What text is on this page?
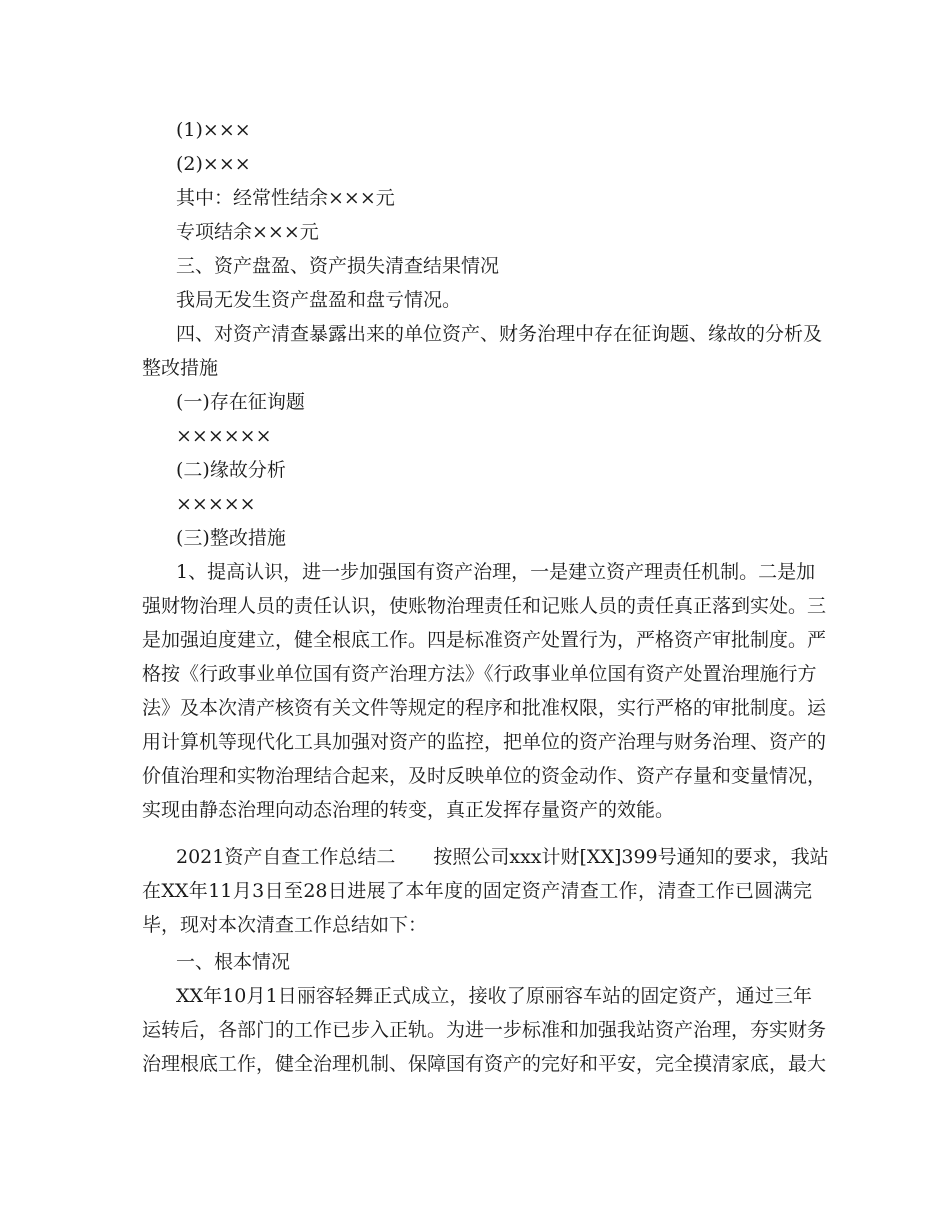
(1)×××
(2)×××
其中：经常性结余×××元
专项结余×××元
三、资产盘盈、资产损失清查结果情况
我局无发生资产盘盈和盘亏情况。
四、对资产清查暴露出来的单位资产、财务治理中存在征询题、缘故的分析及
整改措施
(一)存在征询题
××××××
(二)缘故分析
×××××
(三)整改措施
1、提高认识，进一步加强国有资产治理，一是建立资产理责任机制。二是加
强财物治理人员的责任认识，使账物治理责任和记账人员的责任真正落到实处。三
是加强迫度建立，健全根底工作。四是标准资产处置行为，严格资产审批制度。严
格按《行政事业单位国有资产治理方法》《行政事业单位国有资产处置治理施行方
法》及本次清产核资有关文件等规定的程序和批准权限，实行严格的审批制度。运
用计算机等现代化工具加强对资产的监控，把单位的资产治理与财务治理、资产的
价值治理和实物治理结合起来，及时反映单位的资金动作、资产存量和变量情况，
实现由静态治理向动态治理的转变，真正发挥存量资产的效能。
2021资产自查工作总结二　　按照公司xxx计财[XX]399号通知的要求，我站
在XX年11月3日至28日进展了本年度的固定资产清查工作，清查工作已圆满完
毕，现对本次清查工作总结如下：
一、根本情况
XX年10月1日丽容轻舞正式成立，接收了原丽容车站的固定资产，通过三年
运转后，各部门的工作已步入正轨。为进一步标准和加强我站资产治理，夯实财务
治理根底工作，健全治理机制、保障国有资产的完好和平安，完全摸清家底，最大
